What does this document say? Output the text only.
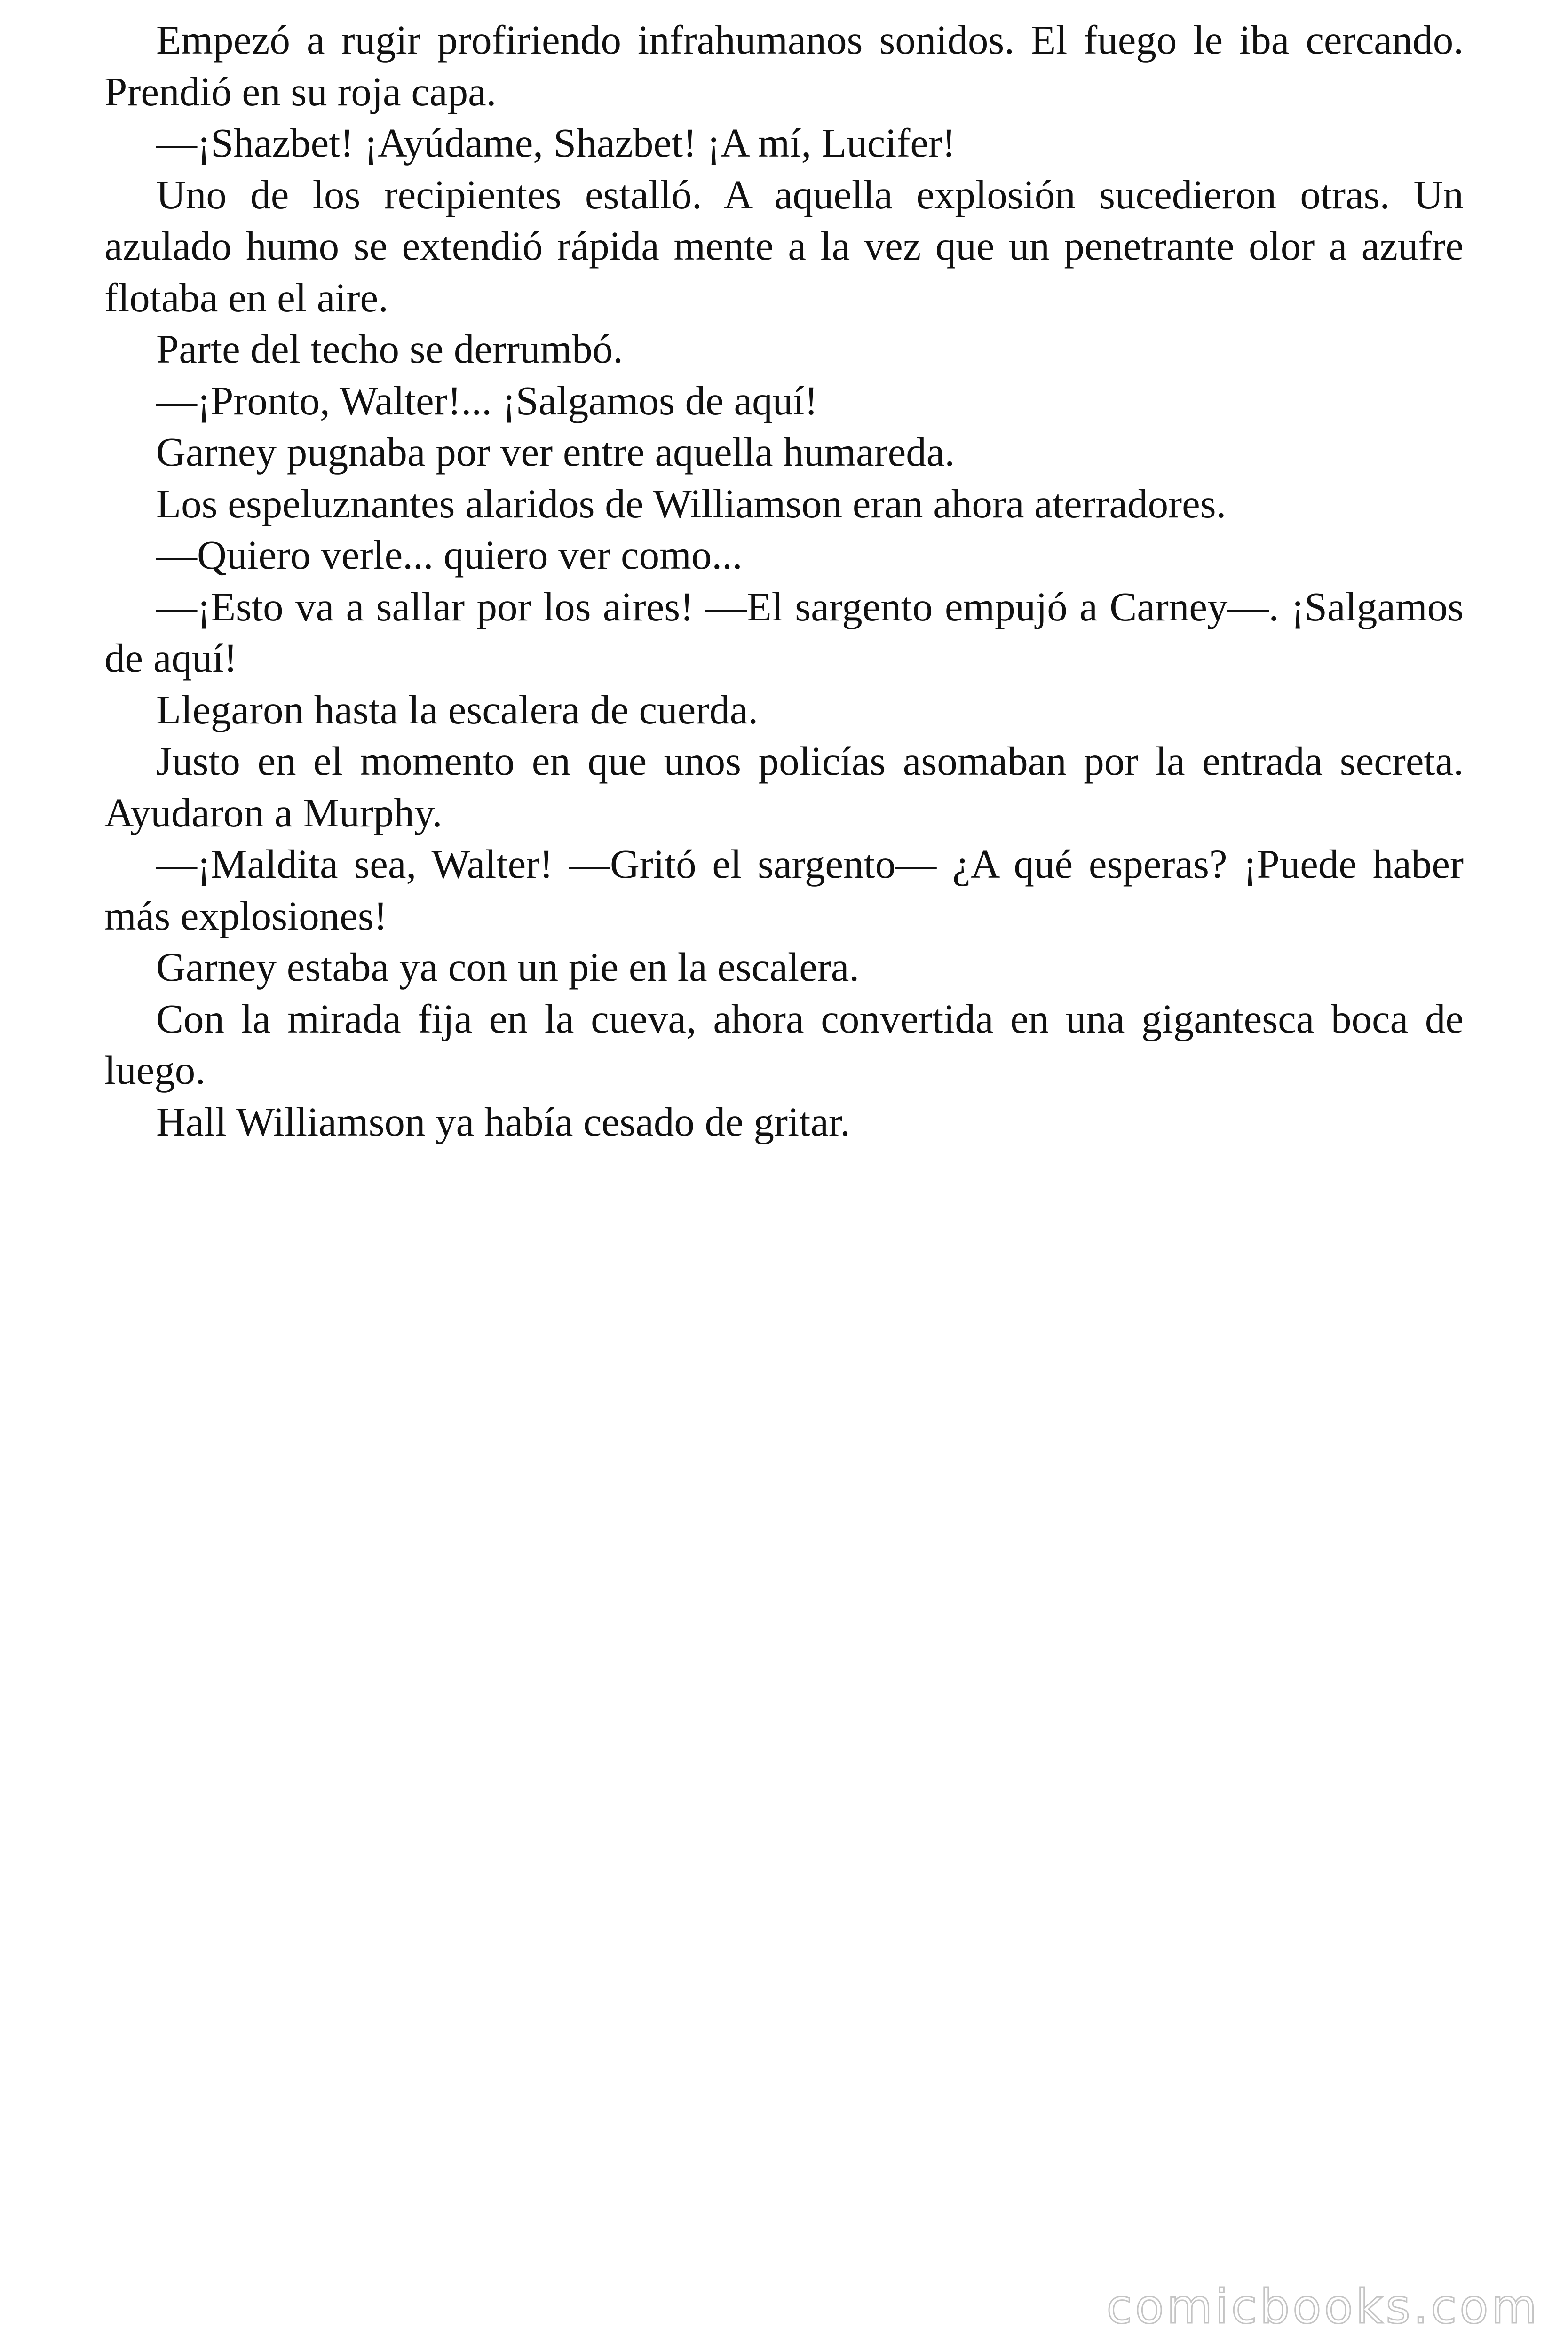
Empezó a rugir profiriendo infrahumanos sonidos. El fuego le iba cercando. Prendió en su roja capa.

—¡Shazbet! ¡Ayúdame, Shazbet! ¡A mí, Lucifer!

Uno de los recipientes estalló. A aquella explosión sucedieron otras. Un azulado humo se extendió rápida mente a la vez que un penetrante olor a azufre flotaba en el aire.

Parte del techo se derrumbó.

—¡Pronto, Walter!... ¡Salgamos de aquí!

Garney pugnaba por ver entre aquella humareda.

Los espeluznantes alaridos de Williamson eran ahora aterradores.

—Quiero verle... quiero ver como...

—¡Esto va a sallar por los aires! —El sargento empujó a Carney—. ¡Salgamos de aquí!

Llegaron hasta la escalera de cuerda.

Justo en el momento en que unos policías asomaban por la entrada secreta. Ayudaron a Murphy.

—¡Maldita sea, Walter! —Gritó el sargento— ¿A qué esperas? ¡Puede haber más explosiones!

Garney estaba ya con un pie en la escalera.

Con la mirada fija en la cueva, ahora convertida en una gigantesca boca de luego.

Hall Williamson ya había cesado de gritar.

comicbooks.com
